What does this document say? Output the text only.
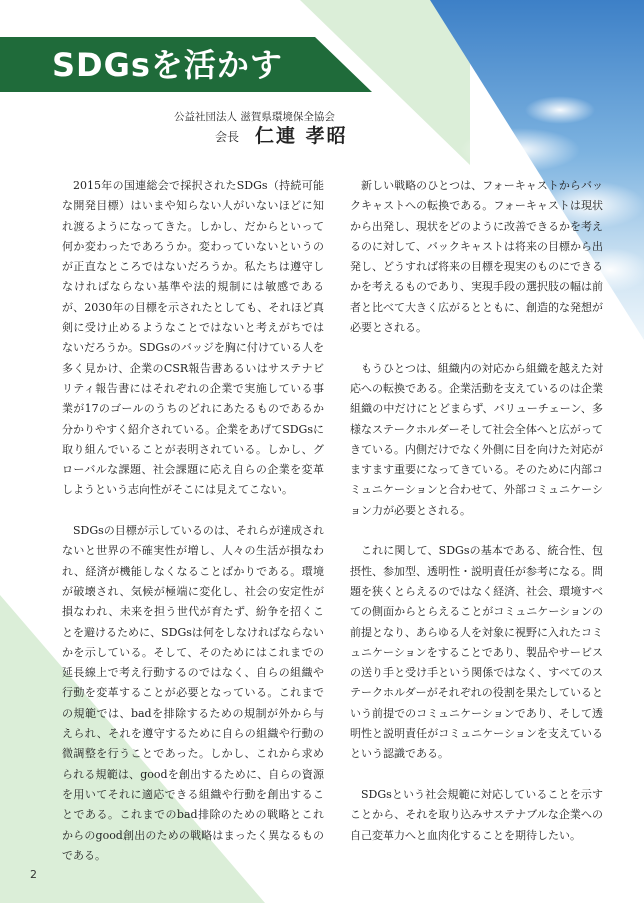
SDGsを活かす
公益社団法人 滋賀県環境保全協会
会長 仁連 孝昭

2015年の国連総会で採択されたSDGs（持続可能な開発目標）はいまや知らない人がいないほどに知れ渡るようになってきた。しかし、だからといって何か変わったであろうか。変わっていないというのが正直なところではないだろうか。私たちは遵守しなければならない基準や法的規制には敏感であるが、2030年の目標を示されたとしても、それほど真剣に受け止めるようなことではないと考えがちではないだろうか。SDGsのバッジを胸に付けている人を多く見かけ、企業のCSR報告書あるいはサステナビリティ報告書にはそれぞれの企業で実施している事業が17のゴールのうちのどれにあたるものであるか分かりやすく紹介されている。企業をあげてSDGsに取り組んでいることが表明されている。しかし、グローバルな課題、社会課題に応え自らの企業を変革しようという志向性がそこには見えてこない。

SDGsの目標が示しているのは、それらが達成されないと世界の不確実性が増し、人々の生活が損なわれ、経済が機能しなくなることばかりである。環境が破壊され、気候が極端に変化し、社会の安定性が損なわれ、未来を担う世代が育たず、紛争を招くことを避けるために、SDGsは何をしなければならないかを示している。そして、そのためにはこれまでの延長線上で考え行動するのではなく、自らの組織や行動を変革することが必要となっている。これまでの規範では、badを排除するための規制が外から与えられ、それを遵守するために自らの組織や行動の微調整を行うことであった。しかし、これから求められる規範は、goodを創出するために、自らの資源を用いてそれに適応できる組織や行動を創出することである。これまでのbad排除のための戦略とこれからのgood創出のための戦略はまったく異なるものである。

新しい戦略のひとつは、フォーキャストからバックキャストへの転換である。フォーキャストは現状から出発し、現状をどのように改善できるかを考えるのに対して、バックキャストは将来の目標から出発し、どうすれば将来の目標を現実のものにできるかを考えるものであり、実現手段の選択肢の幅は前者と比べて大きく広がるとともに、創造的な発想が必要とされる。

もうひとつは、組織内の対応から組織を越えた対応への転換である。企業活動を支えているのは企業組織の中だけにとどまらず、バリューチェーン、多様なステークホルダーそして社会全体へと広がってきている。内側だけでなく外側に目を向けた対応がますます重要になってきている。そのために内部コミュニケーションと合わせて、外部コミュニケーション力が必要とされる。

これに関して、SDGsの基本である、統合性、包摂性、参加型、透明性・説明責任が参考になる。問題を狭くとらえるのではなく経済、社会、環境すべての側面からとらえることがコミュニケーションの前提となり、あらゆる人を対象に視野に入れたコミュニケーションをすることであり、製品やサービスの送り手と受け手という関係ではなく、すべてのステークホルダーがそれぞれの役割を果たしているという前提でのコミュニケーションであり、そして透明性と説明責任がコミュニケーションを支えているという認識である。

SDGsという社会規範に対応していることを示すことから、それを取り込みサステナブルな企業への自己変革力へと血肉化することを期待したい。

2
